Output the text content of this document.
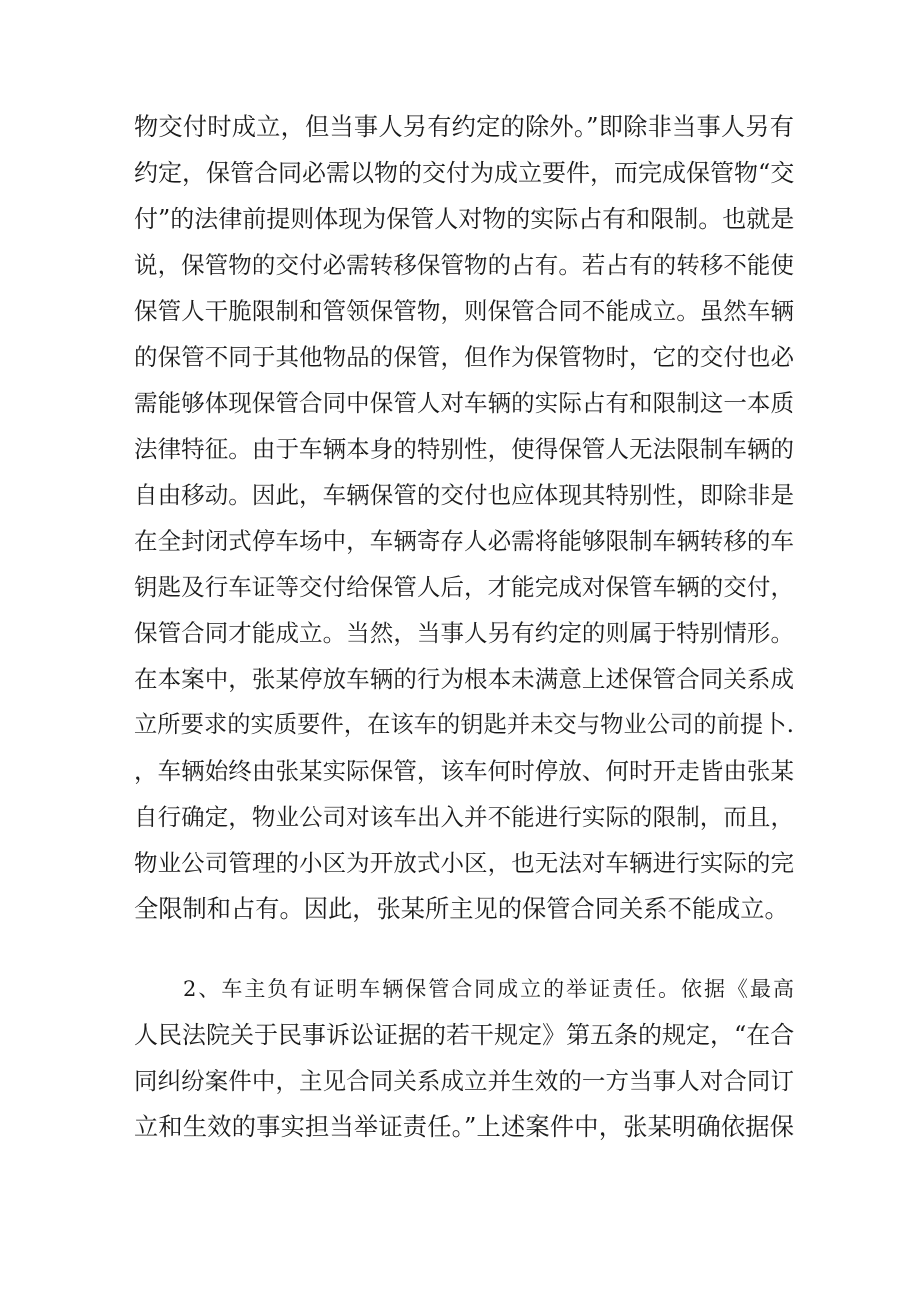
物交付时成立，但当事人另有约定的除外。”即除非当事人另有
约定，保管合同必需以物的交付为成立要件，而完成保管物“交
付”的法律前提则体现为保管人对物的实际占有和限制。也就是
说，保管物的交付必需转移保管物的占有。若占有的转移不能使
保管人干脆限制和管领保管物，则保管合同不能成立。虽然车辆
的保管不同于其他物品的保管，但作为保管物时，它的交付也必
需能够体现保管合同中保管人对车辆的实际占有和限制这一本质
法律特征。由于车辆本身的特别性，使得保管人无法限制车辆的
自由移动。因此，车辆保管的交付也应体现其特别性，即除非是
在全封闭式停车场中，车辆寄存人必需将能够限制车辆转移的车
钥匙及行车证等交付给保管人后，才能完成对保管车辆的交付，
保管合同才能成立。当然，当事人另有约定的则属于特别情形。
在本案中，张某停放车辆的行为根本未满意上述保管合同关系成
立所要求的实质要件，在该车的钥匙并未交与物业公司的前提卜.
，车辆始终由张某实际保管，该车何时停放、何时开走皆由张某
自行确定，物业公司对该车出入并不能进行实际的限制，而且，
物业公司管理的小区为开放式小区，也无法对车辆进行实际的完
全限制和占有。因此，张某所主见的保管合同关系不能成立。
2、车主负有证明车辆保管合同成立的举证责任。依据《最高
人民法院关于民事诉讼证据的若干规定》第五条的规定，“在合
同纠纷案件中，主见合同关系成立并生效的一方当事人对合同订
立和生效的事实担当举证责任。”上述案件中，张某明确依据保
